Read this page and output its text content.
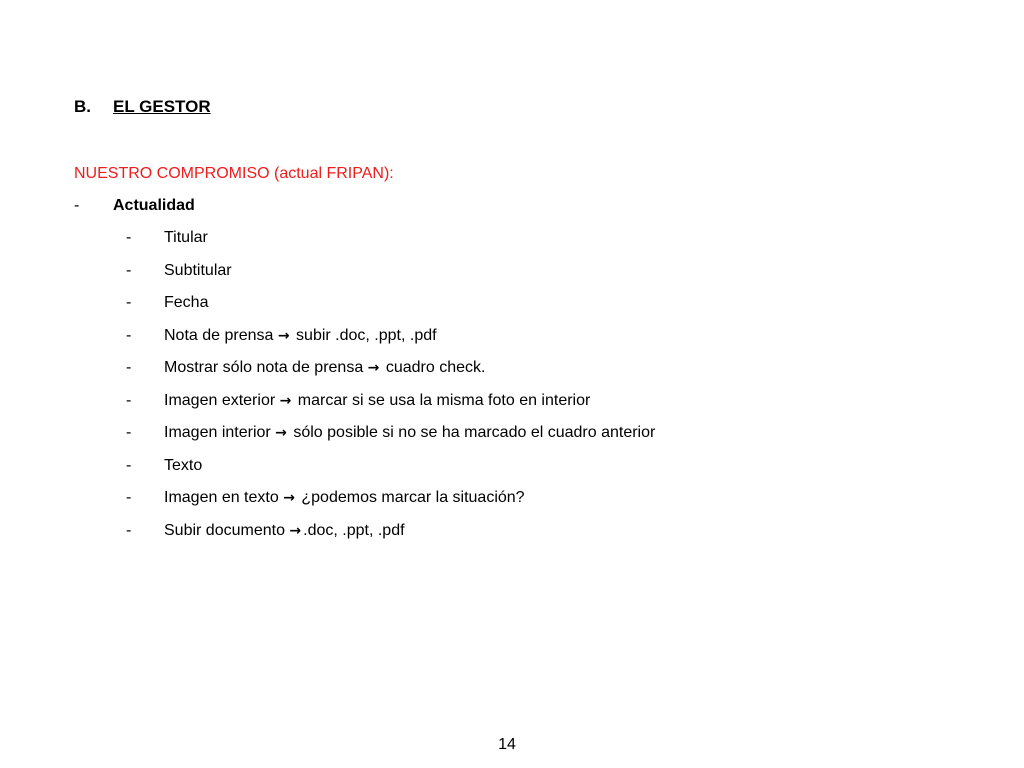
B. EL GESTOR
NUESTRO COMPROMISO (actual FRIPAN):
- Actualidad
- Titular
- Subtitular
- Fecha
- Nota de prensa → subir .doc, .ppt, .pdf
- Mostrar sólo nota de prensa → cuadro check.
- Imagen exterior → marcar si se usa la misma foto en interior
- Imagen interior → sólo posible si no se ha marcado el cuadro anterior
- Texto
- Imagen en texto → ¿podemos marcar la situación?
- Subir documento → .doc, .ppt, .pdf
14
